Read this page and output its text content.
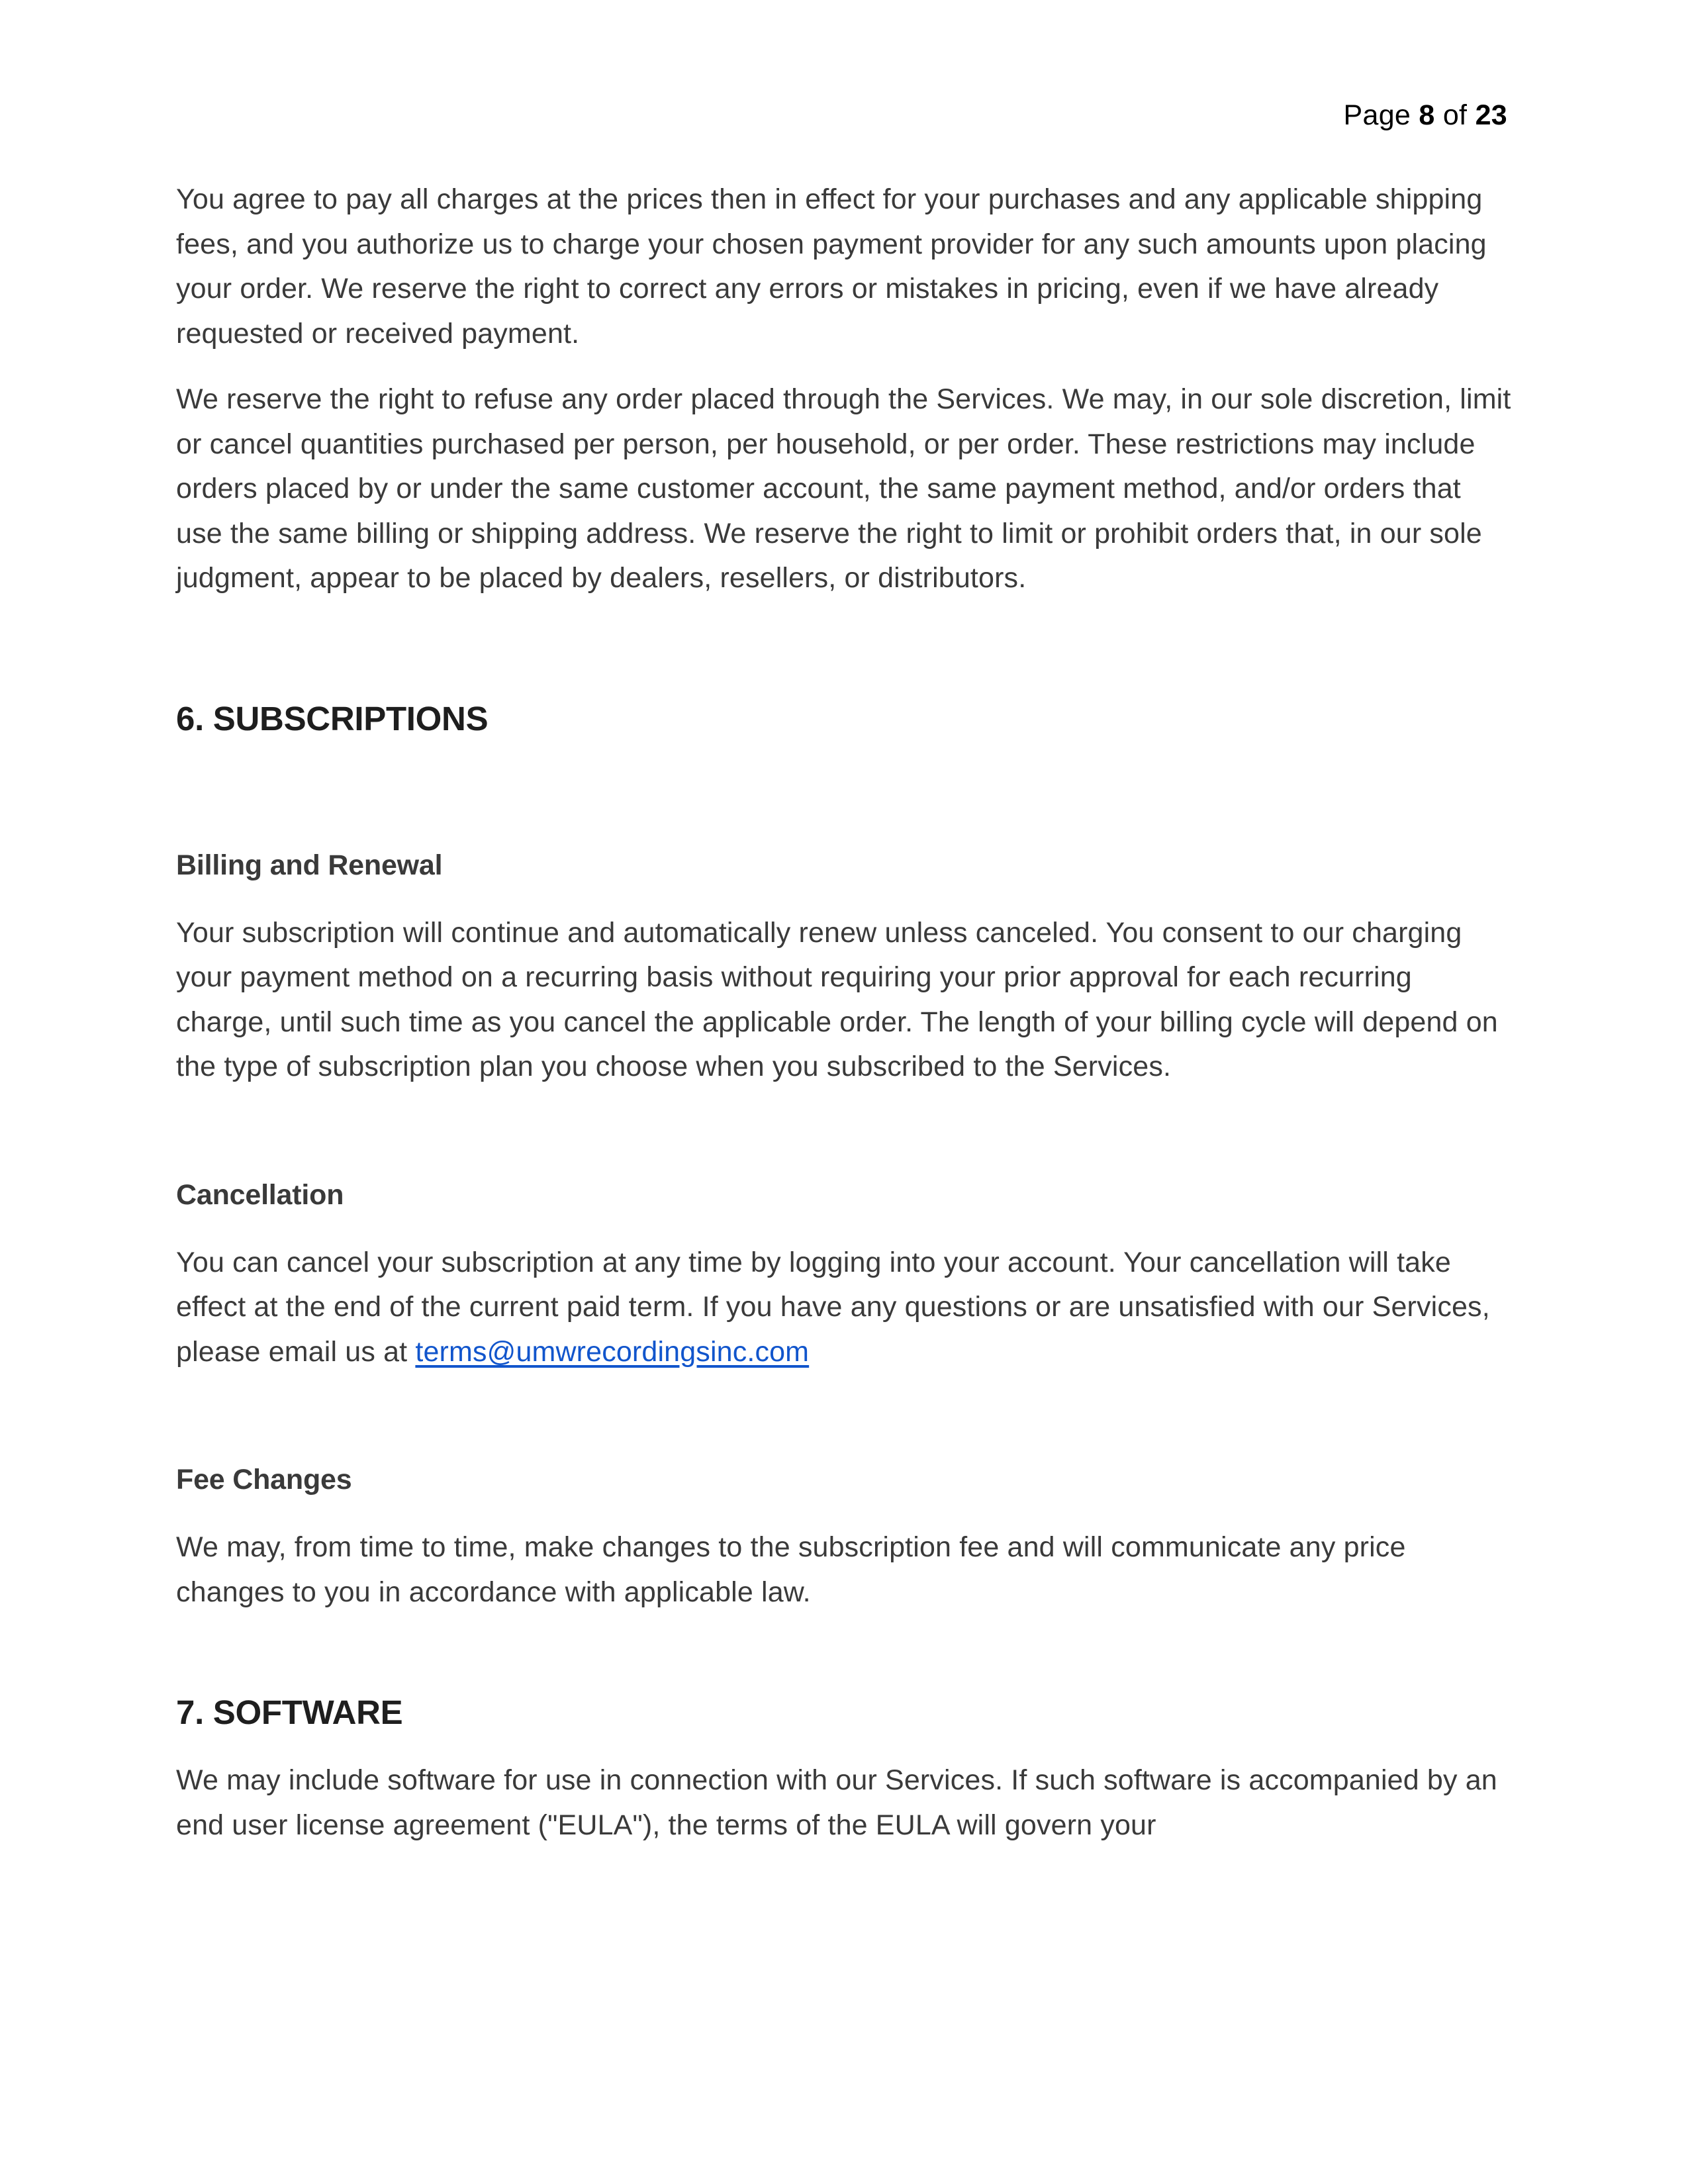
Page 8 of 23

You agree to pay all charges at the prices then in effect for your purchases and any applicable shipping fees, and you authorize us to charge your chosen payment provider for any such amounts upon placing your order. We reserve the right to correct any errors or mistakes in pricing, even if we have already requested or received payment.

We reserve the right to refuse any order placed through the Services. We may, in our sole discretion, limit or cancel quantities purchased per person, per household, or per order. These restrictions may include orders placed by or under the same customer account, the same payment method, and/or orders that use the same billing or shipping address. We reserve the right to limit or prohibit orders that, in our sole judgment, appear to be placed by dealers, resellers, or distributors.

6. SUBSCRIPTIONS
Billing and Renewal

Your subscription will continue and automatically renew unless canceled. You consent to our charging your payment method on a recurring basis without requiring your prior approval for each recurring charge, until such time as you cancel the applicable order. The length of your billing cycle will depend on the type of subscription plan you choose when you subscribed to the Services.

Cancellation

You can cancel your subscription at any time by logging into your account. Your cancellation will take effect at the end of the current paid term. If you have any questions or are unsatisfied with our Services, please email us at terms@umwrecordingsinc.com

Fee Changes

We may, from time to time, make changes to the subscription fee and will communicate any price changes to you in accordance with applicable law.

7. SOFTWARE

We may include software for use in connection with our Services. If such software is accompanied by an end user license agreement ("EULA"), the terms of the EULA will govern your
